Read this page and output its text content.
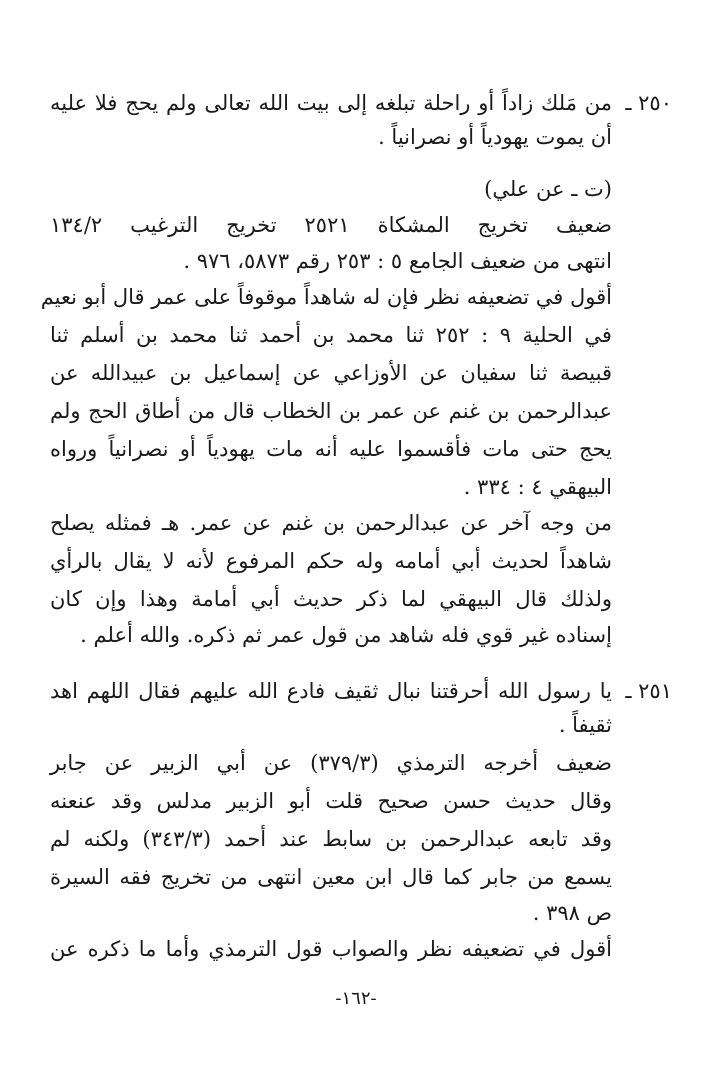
٢٥٠ ـ
من مَلك زاداً أو راحلة تبلغه إلى بيت الله تعالى ولم يحج فلا عليه
أن يموت يهودياً أو نصرانياً .
(ت ـ عن علي)
ضعيف تخريج المشكاة ٢٥٢١ تخريج الترغيب ١٣٤/٢
انتهى من ضعيف الجامع ٥ : ٢٥٣ رقم ٥٨٧٣، ٩٧٦ .
أقول في تضعيفه نظر فإن له شاهداً موقوفاً على عمر قال أبو نعيم
في الحلية ٩ : ٢٥٢ ثنا محمد بن أحمد ثنا محمد بن أسلم ثنا
قبيصة ثنا سفيان عن الأوزاعي عن إسماعيل بن عبيدالله عن
عبدالرحمن بن غنم عن عمر بن الخطاب قال من أطاق الحج ولم
يحج حتى مات فأقسموا عليه أنه مات يهودياً أو نصرانياً ورواه
البيهقي ٤ : ٣٣٤ .
من وجه آخر عن عبدالرحمن بن غنم عن عمر. هـ فمثله يصلح
شاهداً لحديث أبي أمامه وله حكم المرفوع لأنه لا يقال بالرأي
ولذلك قال البيهقي لما ذكر حديث أبي أمامة وهذا وإن كان
إسناده غير قوي فله شاهد من قول عمر ثم ذكره. والله أعلم .
٢٥١ ـ
يا رسول الله أحرقتنا نبال ثقيف فادع الله عليهم فقال اللهم اهد
ثقيفاً .
ضعيف أخرجه الترمذي (٣٧٩/٣) عن أبي الزبير عن جابر
وقال حديث حسن صحيح قلت أبو الزبير مدلس وقد عنعنه
وقد تابعه عبدالرحمن بن سابط عند أحمد (٣٤٣/٣) ولكنه لم
يسمع من جابر كما قال ابن معين انتهى من تخريج فقه السيرة
ص ٣٩٨ .
أقول في تضعيفه نظر والصواب قول الترمذي وأما ما ذكره عن
-١٦٢-
